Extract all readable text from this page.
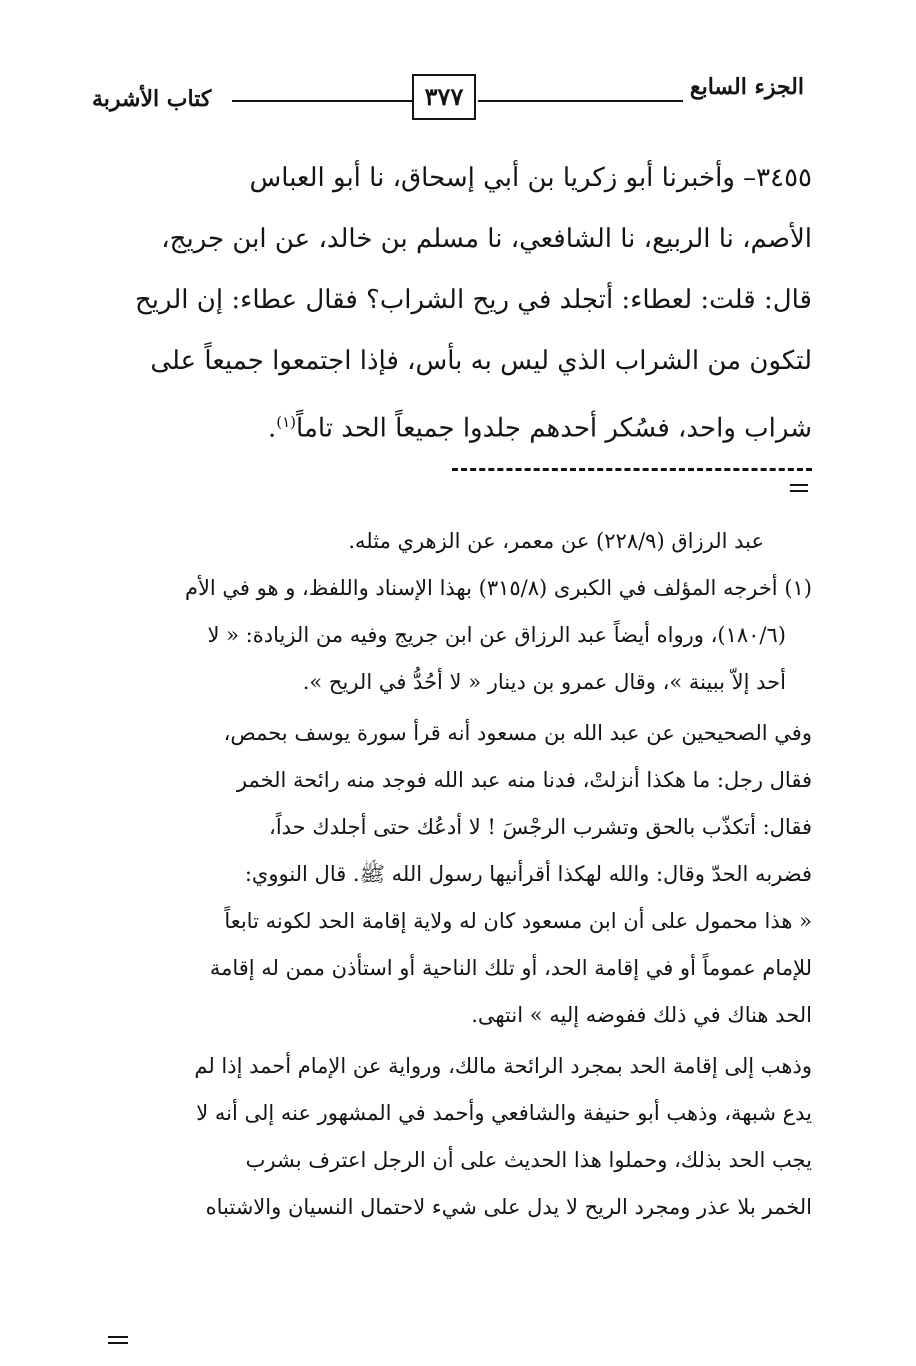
الجزء السابع
٣٧٧
كتاب الأشربة

٣٤٥٥– وأخبرنا أبو زكريا بن أبي إسحاق، نا أبو العباس

الأصم، نا الربيع، نا الشافعي، نا مسلم بن خالد، عن ابن جريج،

قال: قلت: لعطاء: أتجلد في ريح الشراب؟ فقال عطاء: إن الريح

لتكون من الشراب الذي ليس به بأس، فإذا اجتمعوا جميعاً على

شراب واحد، فسُكر أحدهم جلدوا جميعاً الحد تاماً$^{(١)}$.

عبد الرزاق (٢٢٨/٩) عن معمر، عن الزهري مثله.

(١) أخرجه المؤلف في الكبرى (٣١٥/٨) بهذا الإسناد واللفظ، و هو في الأم

(١٨٠/٦)، ورواه أيضاً عبد الرزاق عن ابن جريج وفيه من الزيادة: « لا

أحد إلاّ ببينة »، وقال عمرو بن دينار « لا أحُدُّ في الريح ».

وفي الصحيحين عن عبد الله بن مسعود أنه قرأ سورة يوسف بحمص،

فقال رجل: ما هكذا أنزلتْ، فدنا منه عبد الله فوجد منه رائحة الخمر

فقال: أتكذّب بالحق وتشرب الرجْسَ ! لا أدعُك حتى أجلدك حداً،

فضربه الحدّ وقال: والله لهكذا أقرأنيها رسول الله ﷺ. قال النووي:

« هذا محمول على أن ابن مسعود كان له ولاية إقامة الحد لكونه تابعاً

للإمام عموماً أو في إقامة الحد، أو تلك الناحية أو استأذن ممن له إقامة

الحد هناك في ذلك ففوضه إليه » انتهى.

وذهب إلى إقامة الحد بمجرد الرائحة مالك، ورواية عن الإمام أحمد إذا لم

يدع شبهة، وذهب أبو حنيفة والشافعي وأحمد في المشهور عنه إلى أنه لا

يجب الحد بذلك، وحملوا هذا الحديث على أن الرجل اعترف بشرب

الخمر بلا عذر ومجرد الريح لا يدل على شيء لاحتمال النسيان والاشتباه
